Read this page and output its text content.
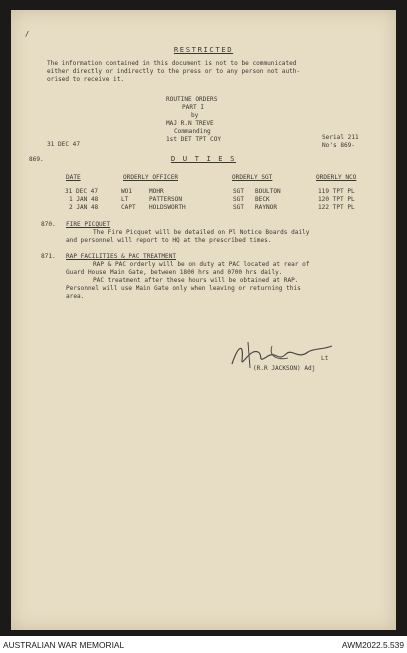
/
RESTRICTED
The information contained in this document is not to be communicated
either directly or indirectly to the press or to any person not auth-
orised to receive it.
ROUTINE ORDERS
PART I
by
MAJ R.N TREVE
Commanding
1st DET TPT COY
31 DEC 47
Serial 211
No's 869-
869.	D U T I E S
DATE	ORDERLY OFFICER	ORDERLY SGT	ORDERLY NCO
31 DEC 47	WO1	MOHR	SGT BOULTON	119 TPT PL
1 JAN 48	LT	PATTERSON	SGT BECK	120 TPT PL
2 JAN 48	CAPT HOLDSWORTH	SGT RAYNOR	122 TPT PL
870. FIRE PICQUET
The Fire Picquet will be detailed on Pl Notice Boards daily
and personnel will report to HQ at the prescribed times.
871. RAP FACILITIES & PAC TREATMENT
RAP & PAC orderly will be on duty at PAC located at rear of
Guard House Main Gate, between 1800 hrs and 0700 hrs daily.
PAC treatment after these hours will be obtained at RAP.
Personnel will use Main Gate only when leaving or returning this
area.
Lt
(R.R JACKSON) Adj
AUSTRALIAN WAR MEMORIAL	AWM2022.5.539
